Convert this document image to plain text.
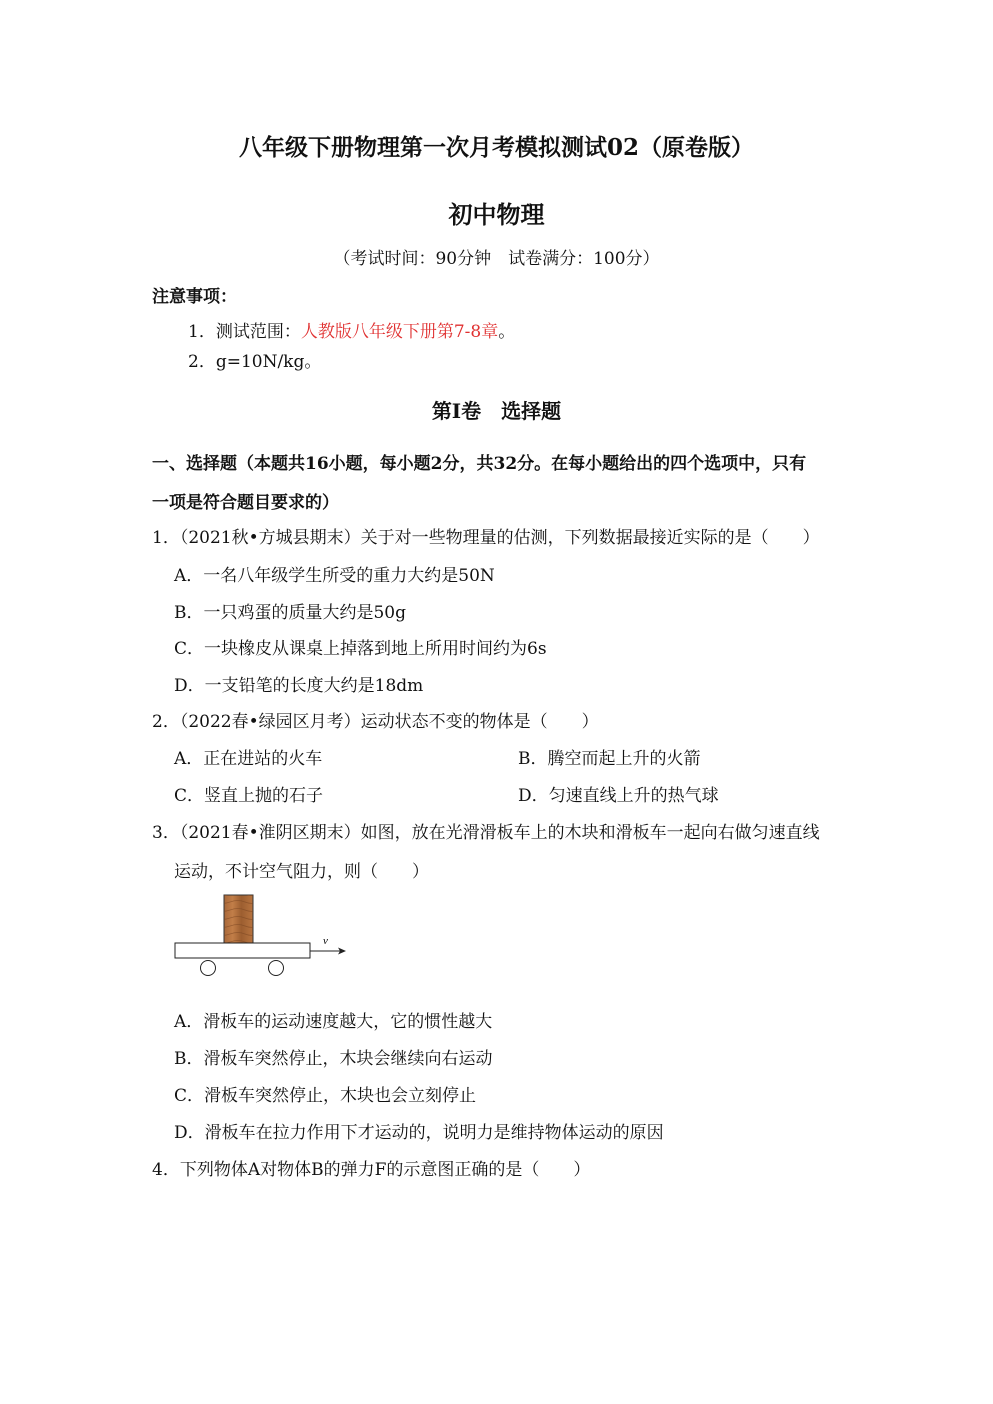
八年级下册物理第一次月考模拟测试02（原卷版）
初中物理
（考试时间：90分钟　试卷满分：100分）
注意事项：
1．测试范围：人教版八年级下册第7-8章。
2．g=10N/kg。
第Ⅰ卷　选择题
一、选择题（本题共16小题，每小题2分，共32分。在每小题给出的四个选项中，只有
一项是符合题目要求的）
1．（2021秋•方城县期末）关于对一些物理量的估测，下列数据最接近实际的是（　　）
A．一名八年级学生所受的重力大约是50N
B．一只鸡蛋的质量大约是50g
C．一块橡皮从课桌上掉落到地上所用时间约为6s
D．一支铅笔的长度大约是18dm
2．（2022春•绿园区月考）运动状态不变的物体是（　　）
A．正在进站的火车	B．腾空而起上升的火箭
C．竖直上抛的石子	D．匀速直线上升的热气球
3．（2021春•淮阴区期末）如图，放在光滑滑板车上的木块和滑板车一起向右做匀速直线
运动，不计空气阻力，则（　　）
v
A．滑板车的运动速度越大，它的惯性越大
B．滑板车突然停止，木块会继续向右运动
C．滑板车突然停止，木块也会立刻停止
D．滑板车在拉力作用下才运动的，说明力是维持物体运动的原因
4．下列物体A对物体B的弹力F的示意图正确的是（　　）
